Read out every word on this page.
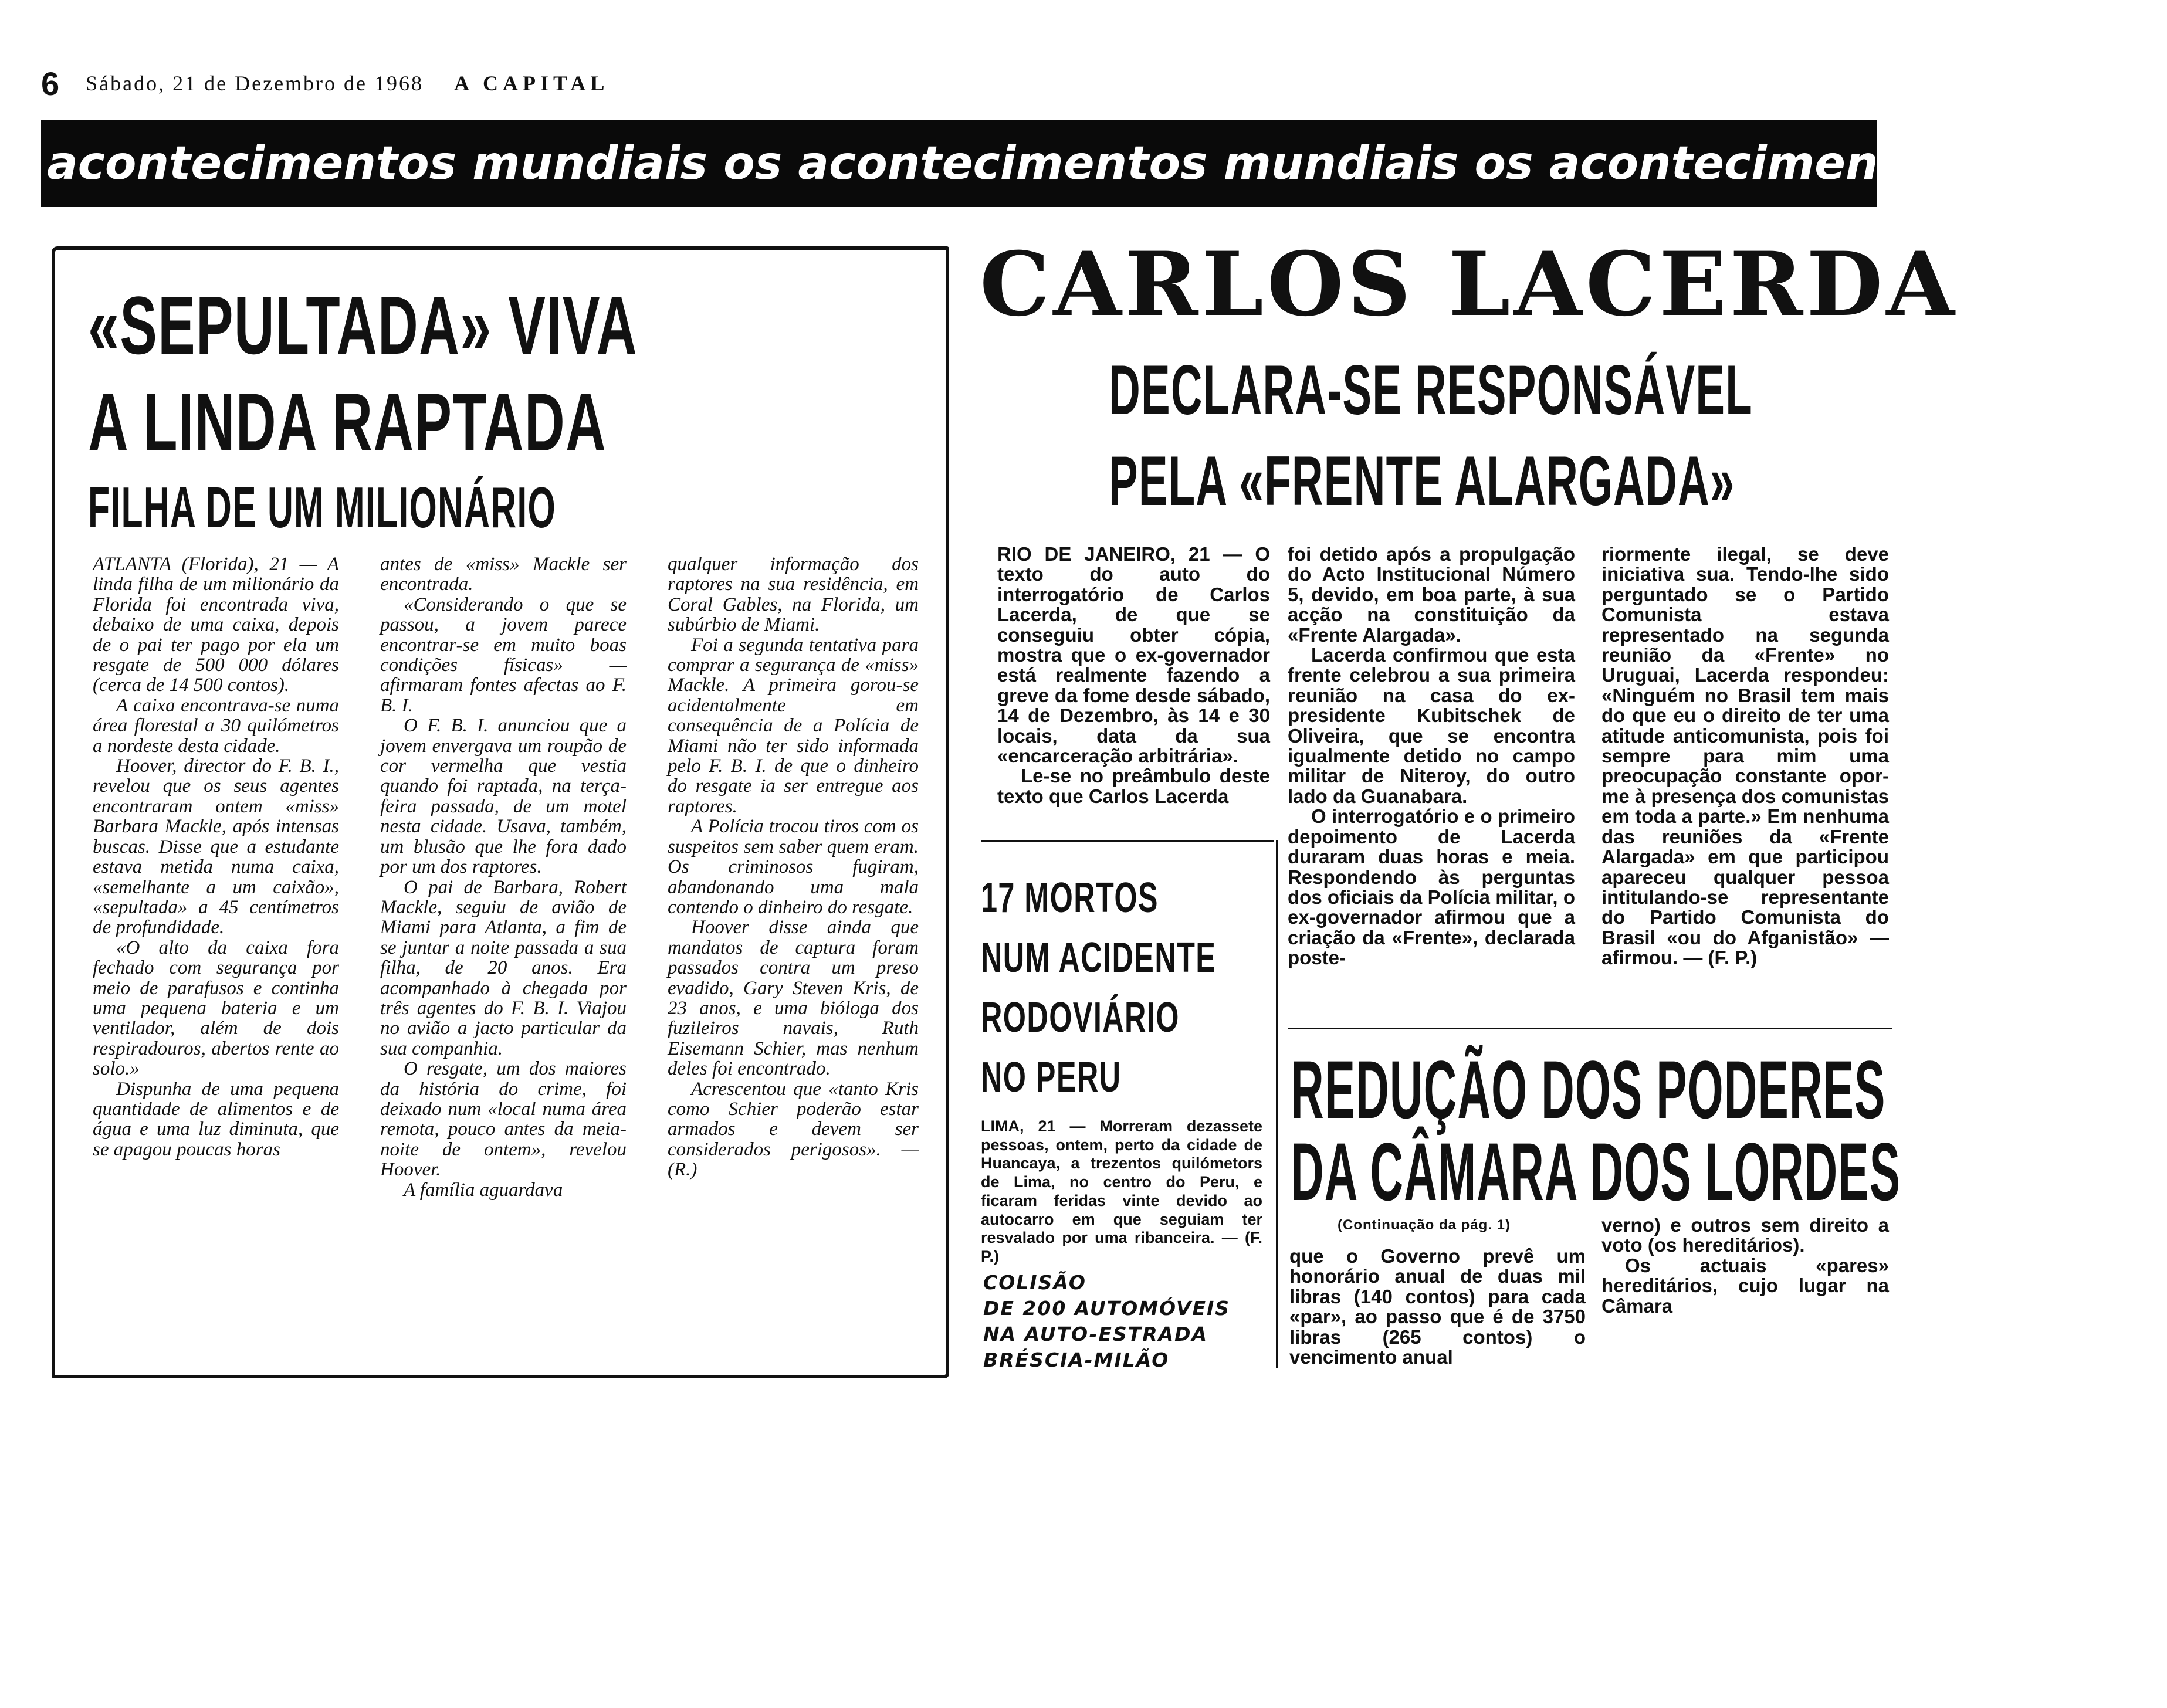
6 Sábado, 21 de Dezembro de 1968 A CAPITAL
acontecimentos mundiais os acontecimentos mundiais os acontecimentos mundia
«SEPULTADA» VIVA
A LINDA RAPTADA
FILHA DE UM MILIONÁRIO

ATLANTA (Florida), 21 — A linda filha de um milionário da Florida foi encontrada viva, debaixo de uma caixa, depois de o pai ter pago por ela um resgate de 500 000 dólares (cerca de 14 500 contos).

A caixa encontrava-se numa área florestal a 30 quilómetros a nordeste desta cidade.

Hoover, director do F. B. I., revelou que os seus agentes encontraram ontem «miss» Barbara Mackle, após intensas buscas. Disse que a estudante estava metida numa caixa, «semelhante a um caixão», «sepultada» a 45 centímetros de profundidade.

«O alto da caixa fora fechado com segurança por meio de parafusos e continha uma pequena bateria e um ventilador, além de dois respiradouros, abertos rente ao solo.»

Dispunha de uma pequena quantidade de alimentos e de água e uma luz diminuta, que se apagou poucas horas

antes de «miss» Mackle ser encontrada.

«Considerando o que se passou, a jovem parece encontrar-se em muito boas condições físicas» — afirmaram fontes afectas ao F. B. I.

O F. B. I. anunciou que a jovem envergava um roupão de cor vermelha que vestia quando foi raptada, na terça-feira passada, de um motel nesta cidade. Usava, também, um blusão que lhe fora dado por um dos raptores.

O pai de Barbara, Robert Mackle, seguiu de avião de Miami para Atlanta, a fim de se juntar a noite passada a sua filha, de 20 anos. Era acompanhado à chegada por três agentes do F. B. I. Viajou no avião a jacto particular da sua companhia.

O resgate, um dos maiores da história do crime, foi deixado num «local numa área remota, pouco antes da meia-noite de ontem», revelou Hoover.

A família aguardava

qualquer informação dos raptores na sua residência, em Coral Gables, na Florida, um subúrbio de Miami.

Foi a segunda tentativa para comprar a segurança de «miss» Mackle. A primeira gorou-se acidentalmente em consequência de a Polícia de Miami não ter sido informada pelo F. B. I. de que o dinheiro do resgate ia ser entregue aos raptores.

A Polícia trocou tiros com os suspeitos sem saber quem eram. Os criminosos fugiram, abandonando uma mala contendo o dinheiro do resgate.

Hoover disse ainda que mandatos de captura foram passados contra um preso evadido, Gary Steven Kris, de 23 anos, e uma bióloga dos fuzileiros navais, Ruth Eisemann Schier, mas nenhum deles foi encontrado.

Acrescentou que «tanto Kris como Schier poderão estar armados e devem ser considerados perigosos». — (R.)

CARLOS LACERDA
DECLARA-SE RESPONSÁVEL
PELA «FRENTE ALARGADA»

RIO DE JANEIRO, 21 — O texto do auto do interrogatório de Carlos Lacerda, de que se conseguiu obter cópia, mostra que o ex-governador está realmente fazendo a greve da fome desde sábado, 14 de Dezembro, às 14 e 30 locais, data da sua «encarceração arbitrária».

Le-se no preâmbulo deste texto que Carlos Lacerda

foi detido após a propulgação do Acto Institucional Número 5, devido, em boa parte, à sua acção na constituição da «Frente Alargada».

Lacerda confirmou que esta frente celebrou a sua primeira reunião na casa do ex-presidente Kubitschek de Oliveira, que se encontra igualmente detido no campo militar de Niteroy, do outro lado da Guanabara.

O interrogatório e o primeiro depoimento de Lacerda duraram duas horas e meia. Respondendo às perguntas dos oficiais da Polícia militar, o ex-governador afirmou que a criação da «Frente», declarada poste-

riormente ilegal, se deve iniciativa sua. Tendo-lhe sido perguntado se o Partido Comunista estava representado na segunda reunião da «Frente» no Uruguai, Lacerda respondeu: «Ninguém no Brasil tem mais do que eu o direito de ter uma atitude anticomunista, pois foi sempre para mim uma preocupação constante opor-me à presença dos comunistas em toda a parte.» Em nenhuma das reuniões da «Frente Alargada» em que participou apareceu qualquer pessoa intitulando-se representante do Partido Comunista do Brasil «ou do Afganistão» — afirmou. — (F. P.)

17 MORTOS
NUM ACIDENTE
RODOVIÁRIO
NO PERU

LIMA, 21 — Morreram dezassete pessoas, ontem, perto da cidade de Huancaya, a trezentos quilómetors de Lima, no centro do Peru, e ficaram feridas vinte devido ao autocarro em que seguiam ter resvalado por uma ribanceira. — (F. P.)

COLISÃO
DE 200 AUTOMÓVEIS
NA AUTO-ESTRADA
BRÉSCIA-MILÃO
REDUÇÃO DOS PODERES
DA CÂMARA DOS LORDES
(Continuação da pág. 1)

que o Governo prevê um honorário anual de duas mil libras (140 contos) para cada «par», ao passo que é de 3750 libras (265 contos) o vencimento anual

verno) e outros sem direito a voto (os hereditários).

Os actuais «pares» hereditários, cujo lugar na Câmara
